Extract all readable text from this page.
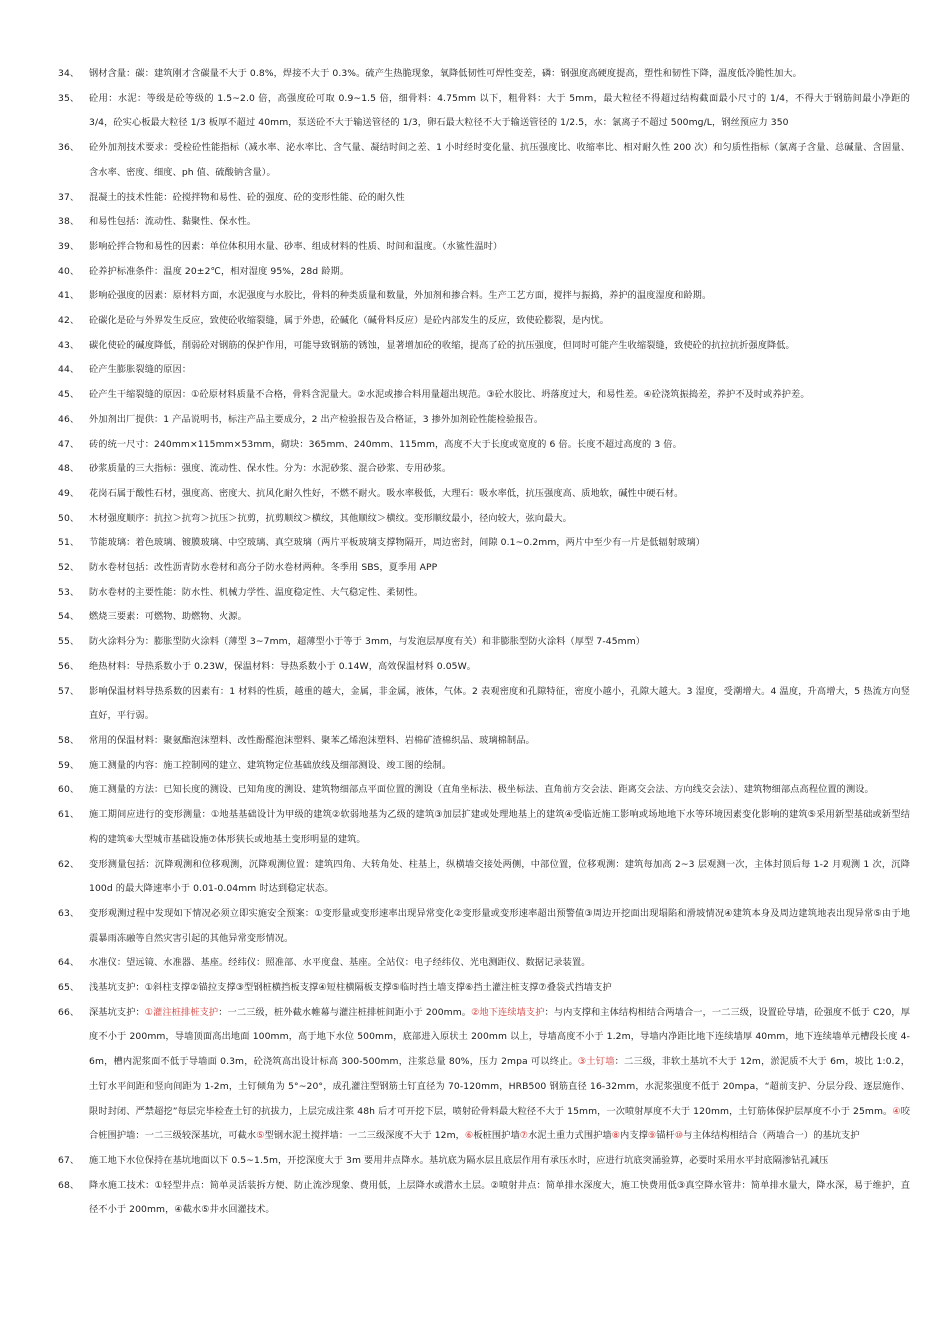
34、	钢材含量：碳：建筑刚才含碳量不大于 0.8%，焊接不大于 0.3%。硫产生热脆现象，氧降低韧性可焊性变差，磷：钢强度高硬度提高，塑性和韧性下降，温度低冷脆性加大。
35、	砼用：水泥：等级是砼等级的 1.5~2.0 倍，高强度砼可取 0.9~1.5 倍，细骨料：4.75mm 以下，粗骨料：大于 5mm，最大粒径不得超过结构截面最小尺寸的 1/4，不得大于钢筋间最小净距的 3/4，砼实心板最大粒径 1/3 板厚不超过 40mm，泵送砼不大于输送管径的 1/3，卵石最大粒径不大于输送管径的 1/2.5，水：氯离子不超过 500mg/L，钢丝预应力 350
36、	砼外加剂技术要求：受检砼性能指标（减水率、泌水率比、含气量、凝结时间之差、1 小时经时变化量、抗压强度比、收缩率比、相对耐久性 200 次）和匀质性指标（氯离子含量、总碱量、含固量、含水率、密度、细度、ph 值、硫酸钠含量）。
37、	混凝土的技术性能：砼搅拌物和易性、砼的强度、砼的变形性能、砼的耐久性
38、	和易性包括：流动性、黏聚性、保水性。
39、	影响砼拌合物和易性的因素：单位体积用水量、砂率、组成材料的性质、时间和温度。（水鲨性温时）
40、	砼养护标准条件：温度 20±2℃，相对湿度 95%，28d 龄期。
41、	影响砼强度的因素：原材料方面，水泥强度与水胶比，骨料的种类质量和数量，外加剂和掺合料。生产工艺方面，搅拌与振捣，养护的温度湿度和龄期。
42、	砼碳化是砼与外界发生反应，致使砼收缩裂缝，属于外患，砼碱化（碱骨料反应）是砼内部发生的反应，致使砼膨裂，是内忧。
43、	碳化使砼的碱度降低，削弱砼对钢筋的保护作用，可能导致钢筋的锈蚀，显著增加砼的收缩，提高了砼的抗压强度，但同时可能产生收缩裂缝，致使砼的抗拉抗折强度降低。
44、	砼产生膨胀裂缝的原因：
45、	砼产生干缩裂缝的原因：①砼原材料质量不合格，骨料含泥量大。②水泥或掺合料用量超出规范。③砼水胶比、坍落度过大，和易性差。④砼浇筑振捣差，养护不及时或养护差。
46、	外加剂出厂提供：1 产品说明书，标注产品主要成分，2 出产检验报告及合格证，3 掺外加剂砼性能检验报告。
47、	砖的统一尺寸：240mm×115mm×53mm，砌块：365mm、240mm、115mm，高度不大于长度或宽度的 6 倍。长度不超过高度的 3 倍。
48、	砂浆质量的三大指标：强度、流动性、保水性。分为：水泥砂浆、混合砂浆、专用砂浆。
49、	花岗石属于酸性石材，强度高、密度大、抗风化耐久性好，不燃不耐火。吸水率极低，大理石：吸水率低，抗压强度高、质地软，碱性中硬石材。
50、	木材强度顺序：抗拉＞抗弯＞抗压＞抗剪，抗剪顺纹＞横纹，其他顺纹＞横纹。变形顺纹最小，径向较大，弦向最大。
51、	节能玻璃：着色玻璃、镀膜玻璃、中空玻璃、真空玻璃（两片平板玻璃支撑物隔开，周边密封，间隙 0.1~0.2mm，两片中至少有一片是低辐射玻璃）
52、	防水卷材包括：改性沥青防水卷材和高分子防水卷材两种。冬季用 SBS，夏季用 APP
53、	防水卷材的主要性能：防水性、机械力学性、温度稳定性、大气稳定性、柔韧性。
54、	燃烧三要素：可燃物、助燃物、火源。
55、	防火涂料分为：膨胀型防火涂料（薄型 3~7mm，超薄型小于等于 3mm，与发泡层厚度有关）和非膨胀型防火涂料（厚型 7-45mm）
56、	绝热材料：导热系数小于 0.23W，保温材料：导热系数小于 0.14W，高效保温材料 0.05W。
57、	影响保温材料导热系数的因素有：1 材料的性质，越重的越大，金属，非金属，液体，气体。2 表观密度和孔隙特征，密度小越小，孔隙大越大。3 湿度，受潮增大。4 温度，升高增大，5 热流方向竖直好，平行弱。
58、	常用的保温材料：聚氨酯泡沫塑料、改性酚醛泡沫塑料、聚苯乙烯泡沫塑料、岩棉矿渣棉织品、玻璃棉制品。
59、	施工测量的内容：施工控制网的建立、建筑物定位基础放线及细部测设、竣工图的绘制。
60、	施工测量的方法：已知长度的测设、已知角度的测设、建筑物细部点平面位置的测设（直角坐标法、极坐标法、直角前方交会法、距离交会法、方向线交会法）、建筑物细部点高程位置的测设。
61、	施工期间应进行的变形测量：①地基基础设计为甲级的建筑②软弱地基为乙级的建筑③加层扩建或处理地基上的建筑④受临近施工影响或场地地下水等环境因素变化影响的建筑⑤采用新型基础或新型结构的建筑⑥大型城市基础设施⑦体形狭长或地基土变形明显的建筑。
62、	变形测量包括：沉降观测和位移观测，沉降观测位置：建筑四角、大转角处、柱基上，纵横墙交接处两侧，中部位置，位移观测：建筑每加高 2~3 层观测一次，主体封顶后每 1-2 月观测 1 次，沉降 100d 的最大降速率小于 0.01-0.04mm 时达到稳定状态。
63、	变形观测过程中发现如下情况必须立即实施安全预案：①变形量或变形速率出现异常变化②变形量或变形速率超出预警值③周边开挖面出现塌陷和滑坡情况④建筑本身及周边建筑地表出现异常⑤由于地震暴雨冻融等自然灾害引起的其他异常变形情况。
64、	水准仪：望远镜、水准器、基座。经纬仪：照准部、水平度盘、基座。全站仪：电子经纬仪、光电测距仪、数据记录装置。
65、	浅基坑支护：①斜柱支撑②锚拉支撑③型钢桩横挡板支撑④短柱横隔板支撑⑤临时挡土墙支撑⑥挡土灌注桩支撑⑦叠袋式挡墙支护
66、	深基坑支护：①灌注桩排桩支护：一二三级，桩外截水帷幕与灌注桩排桩间距小于 200mm。②地下连续墙支护：与内支撑和主体结构相结合两墙合一，一二三级，设置砼导墙，砼强度不低于 C20，厚度不小于 200mm，导墙顶面高出地面 100mm，高于地下水位 500mm，底部进入原状土 200mm 以上，导墙高度不小于 1.2m，导墙内净距比地下连续墙厚 40mm，地下连续墙单元槽段长度 4-6m，槽内泥浆面不低于导墙面 0.3m，砼浇筑高出设计标高 300-500mm，注浆总量 80%，压力 2mpa 可以终止。③土钉墙：二三级，非软土基坑不大于 12m，淤泥质不大于 6m，坡比 1:0.2，土钉水平间距和竖向间距为 1-2m，土钉倾角为 5°~20°，成孔灌注型钢筋土钉直径为 70-120mm，HRB500 钢筋直径 16-32mm，水泥浆强度不低于 20mpa，“超前支护、分层分段、逐层施作、限时封闭、严禁超挖”每层完毕检查土钉的抗拔力，上层完成注浆 48h 后才可开挖下层，喷射砼骨料最大粒径不大于 15mm，一次喷射厚度不大于 120mm，土钉筋体保护层厚度不小于 25mm。④咬合桩围护墙：一二三级较深基坑，可截水⑤型钢水泥土搅拌墙：一二三级深度不大于 12m，⑥板桩围护墙⑦水泥土重力式围护墙⑧内支撑⑨锚杆⑩与主体结构相结合（两墙合一）的基坑支护
67、	施工地下水位保持在基坑地面以下 0.5~1.5m，开挖深度大于 3m 要用井点降水。基坑底为隔水层且底层作用有承压水时，应进行坑底突涌验算，必要时采用水平封底隔渗钻孔减压
68、	降水施工技术：①轻型井点：简单灵活装拆方便、防止流沙现象、费用低，上层降水或潜水土层。②喷射井点：简单排水深度大，施工快费用低③真空降水管井：简单排水量大，降水深，易于维护，直径不小于 200mm，④截水⑤井水回灌技术。
